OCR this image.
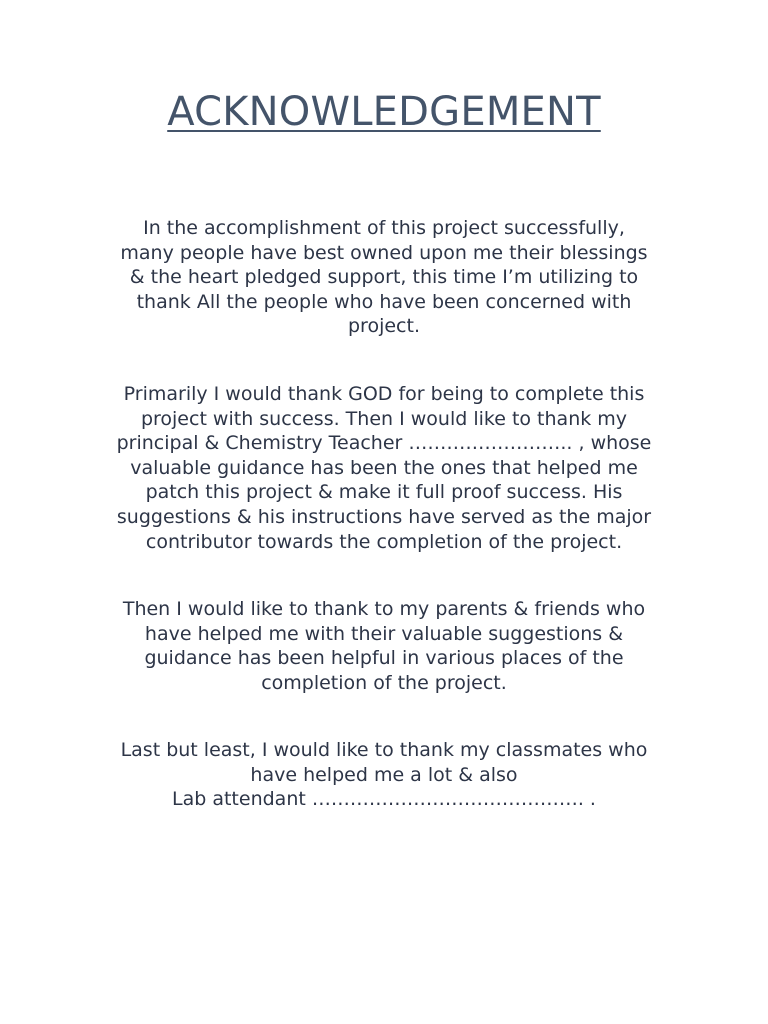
ACKNOWLEDGEMENT

In the accomplishment of this project successfully,
many people have best owned upon me their blessings
& the heart pledged support, this time I’m utilizing to
thank All the people who have been concerned with
project.

Primarily I would thank GOD for being to complete this
project with success. Then I would like to thank my
principal & Chemistry Teacher …………………….. , whose
valuable guidance has been the ones that helped me
patch this project & make it full proof success. His
suggestions & his instructions have served as the major
contributor towards the completion of the project.

Then I would like to thank to my parents & friends who
have helped me with their valuable suggestions &
guidance has been helpful in various places of the
completion of the project.

Last but least, I would like to thank my classmates who
have helped me a lot & also
Lab attendant ……………………………………. .
